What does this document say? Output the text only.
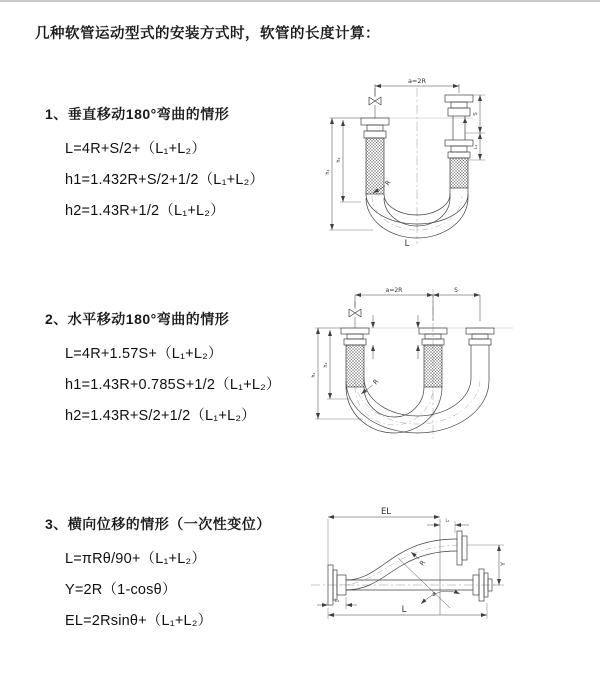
几种软管运动型式的安装方式时，软管的长度计算：
1、垂直移动180°弯曲的情形
L=4R+S/2+（L₁+L₂）
h1=1.432R+S/2+1/2（L₁+L₂）
h2=1.43R+1/2（L₁+L₂）
2、水平移动180°弯曲的情形
L=4R+1.57S+（L₁+L₂）
h1=1.43R+0.785S+1/2（L₁+L₂）
h2=1.43R+S/2+1/2（L₁+L₂）
3、横向位移的情形（一次性变位）
L=πRθ/90+（L₁+L₂）
Y=2R（1-cosθ）
EL=2Rsinθ+（L₁+L₂）
a=2R
h₁
h₂
S
L₁
R
L
a=2R	S
h₁
h₂
R
EL
L₁
Y
L
L₁
R
θ
